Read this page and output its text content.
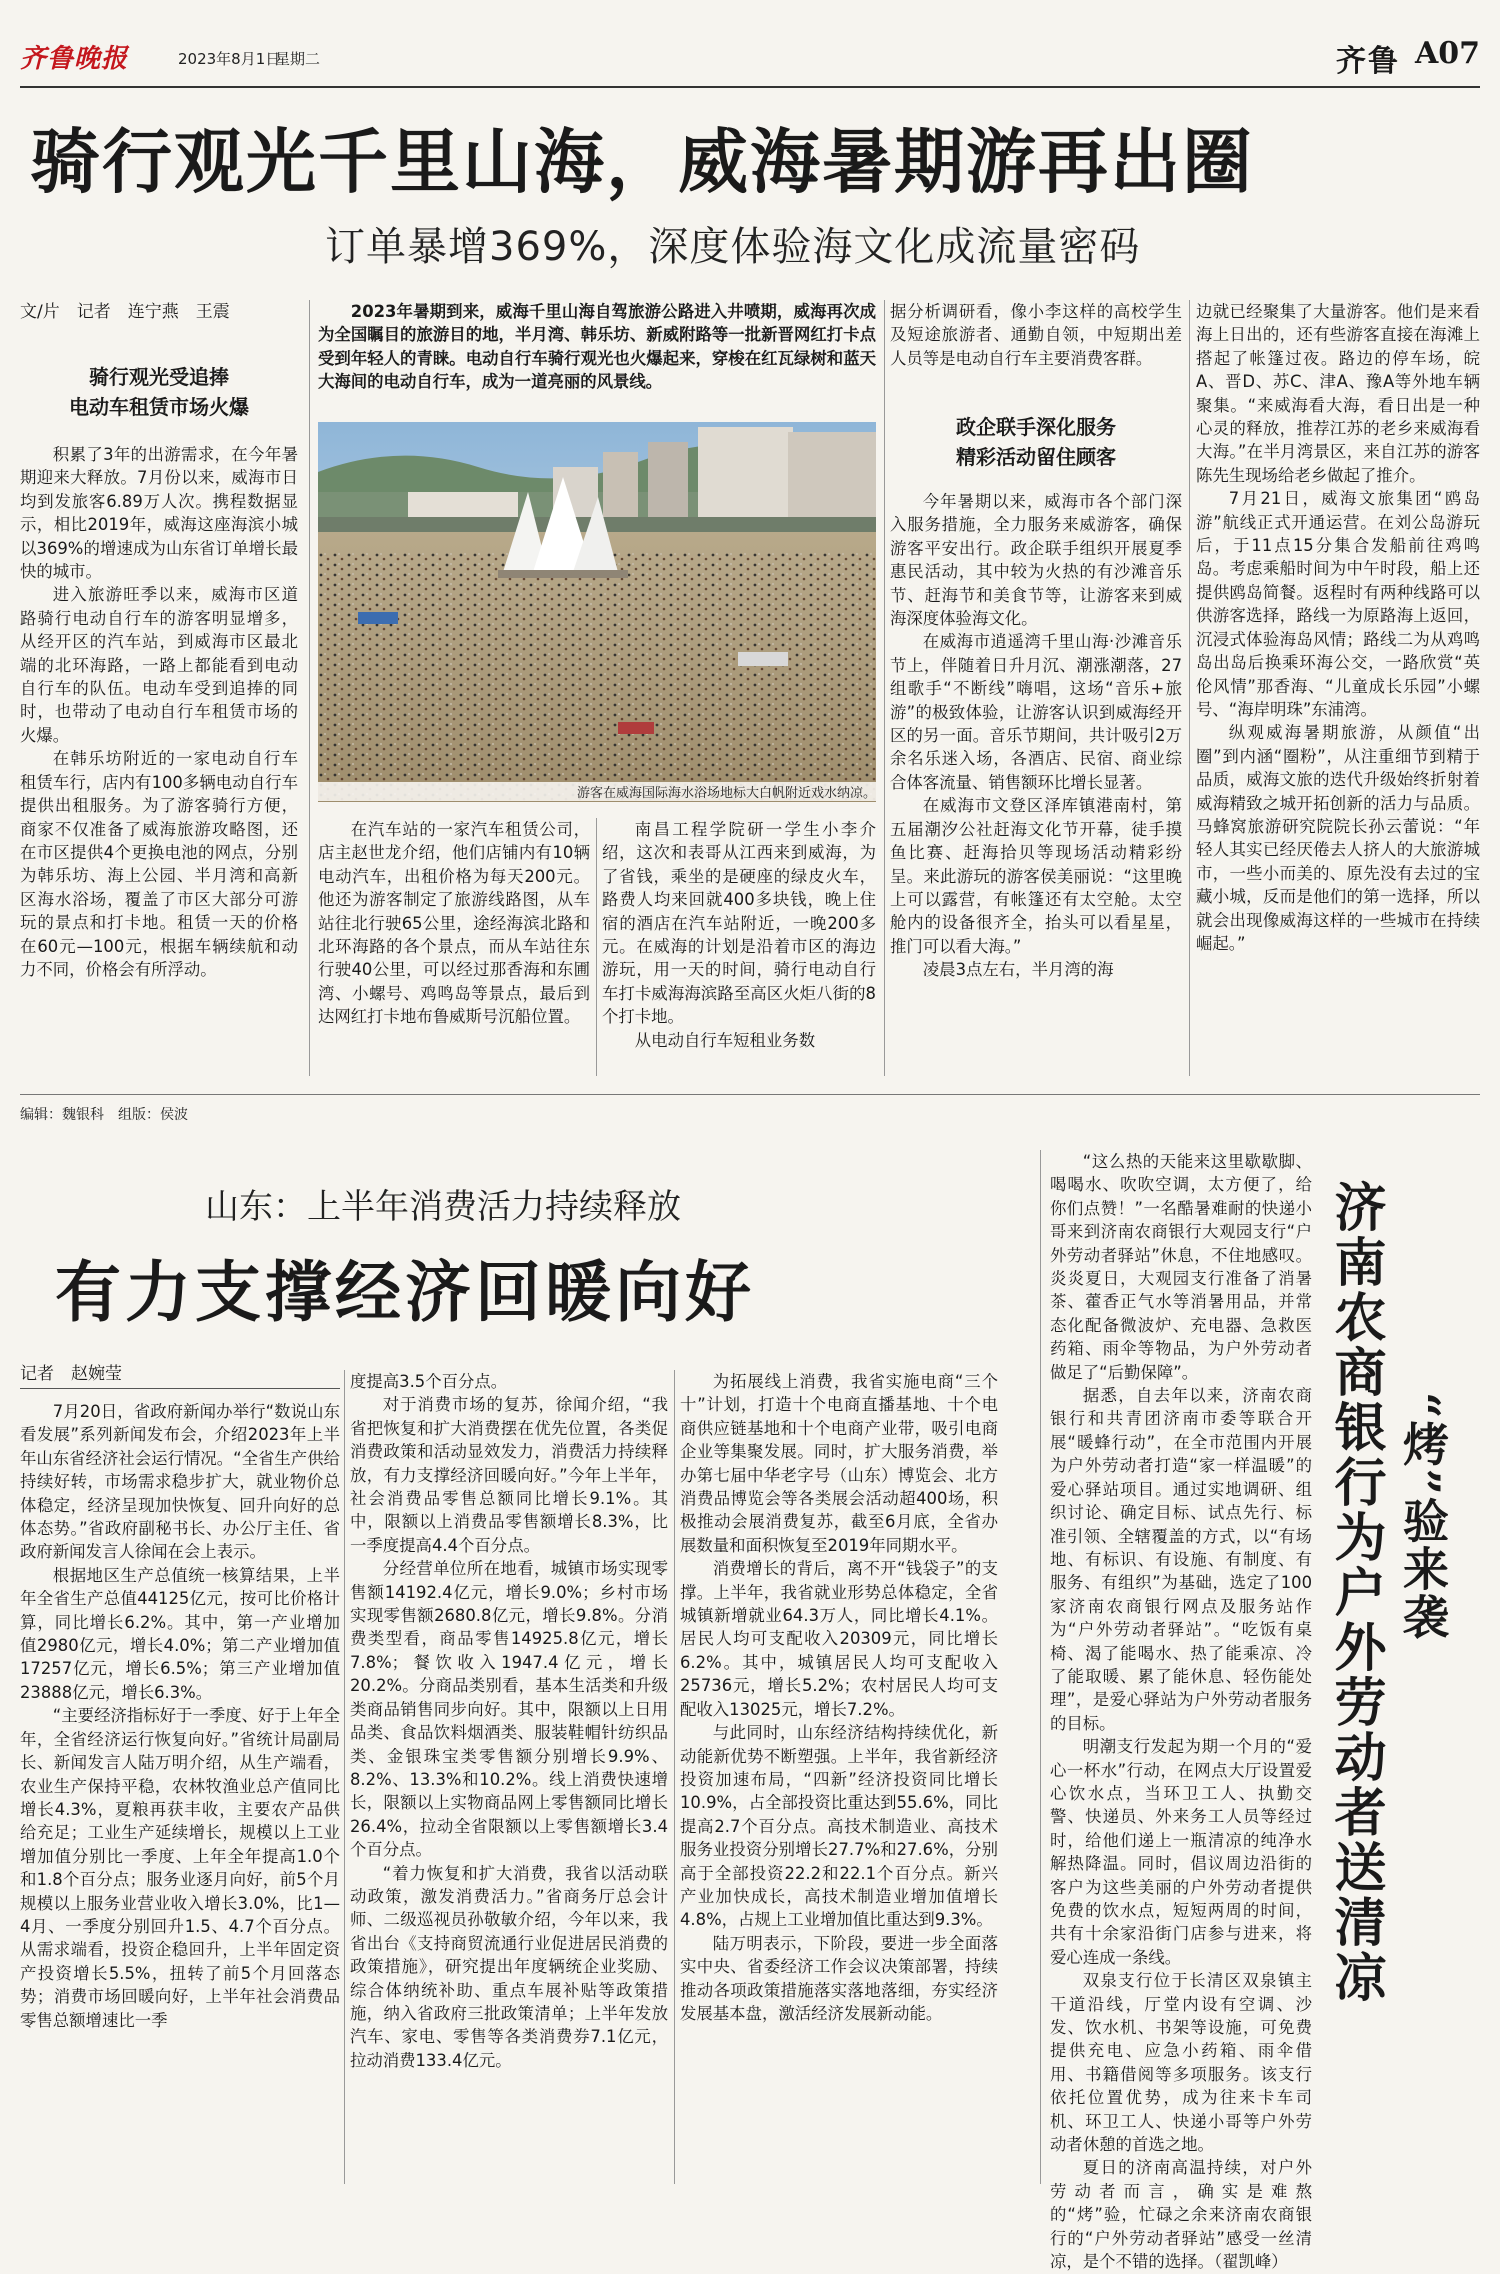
齐鲁晚报	2023年8月1日
星期二	齐鲁 A07
骑行观光千里山海，威海暑期游再出圈
订单暴增369%，深度体验海文化成流量密码
文/片　记者　连宁燕　王震
骑行观光受追捧
电动车租赁市场火爆

积累了3年的出游需求，在今年暑期迎来大释放。7月份以来，威海市日均到发旅客6.89万人次。携程数据显示，相比2019年，威海这座海滨小城以369%的增速成为山东省订单增长最快的城市。

进入旅游旺季以来，威海市区道路骑行电动自行车的游客明显增多，从经开区的汽车站，到威海市区最北端的北环海路，一路上都能看到电动自行车的队伍。电动车受到追捧的同时，也带动了电动自行车租赁市场的火爆。

在韩乐坊附近的一家电动自行车租赁车行，店内有100多辆电动自行车提供出租服务。为了游客骑行方便，商家不仅准备了威海旅游攻略图，还在市区提供4个更换电池的网点，分别为韩乐坊、海上公园、半月湾和高新区海水浴场，覆盖了市区大部分可游玩的景点和打卡地。租赁一天的价格在60元—100元，根据车辆续航和动力不同，价格会有所浮动。

2023年暑期到来，威海千里山海自驾旅游公路进入井喷期，威海再次成为全国瞩目的旅游目的地，半月湾、韩乐坊、新威附路等一批新晋网红打卡点受到年轻人的青睐。电动自行车骑行观光也火爆起来，穿梭在红瓦绿树和蓝天大海间的电动自行车，成为一道亮丽的风景线。

游客在威海国际海水浴场地标大白帆附近戏水纳凉。

在汽车站的一家汽车租赁公司，店主赵世龙介绍，他们店铺内有10辆电动汽车，出租价格为每天200元。他还为游客制定了旅游线路图，从车站往北行驶65公里，途经海滨北路和北环海路的各个景点，而从车站往东行驶40公里，可以经过那香海和东圃湾、小螺号、鸡鸣岛等景点，最后到达网红打卡地布鲁威斯号沉船位置。

南昌工程学院研一学生小李介绍，这次和表哥从江西来到威海，为了省钱，乘坐的是硬座的绿皮火车，路费人均来回就400多块钱，晚上住宿的酒店在汽车站附近，一晚200多元。在威海的计划是沿着市区的海边游玩，用一天的时间，骑行电动自行车打卡威海海滨路至高区火炬八街的8个打卡地。

从电动自行车短租业务数

据分析调研看，像小李这样的高校学生及短途旅游者、通勤自领，中短期出差人员等是电动自行车主要消费客群。

政企联手深化服务
精彩活动留住顾客

今年暑期以来，威海市各个部门深入服务措施，全力服务来威游客，确保游客平安出行。政企联手组织开展夏季惠民活动，其中较为火热的有沙滩音乐节、赶海节和美食节等，让游客来到威海深度体验海文化。

在威海市逍遥湾千里山海·沙滩音乐节上，伴随着日升月沉、潮涨潮落，27组歌手“不断线”嗨唱，这场“音乐+旅游”的极致体验，让游客认识到威海经开区的另一面。音乐节期间，共计吸引2万余名乐迷入场，各酒店、民宿、商业综合体客流量、销售额环比增长显著。

在威海市文登区泽库镇港南村，第五届潮汐公社赶海文化节开幕，徒手摸鱼比赛、赶海拾贝等现场活动精彩纷呈。来此游玩的游客侯美丽说：“这里晚上可以露营，有帐篷还有太空舱。太空舱内的设备很齐全，抬头可以看星星，推门可以看大海。”

凌晨3点左右，半月湾的海

边就已经聚集了大量游客。他们是来看海上日出的，还有些游客直接在海滩上搭起了帐篷过夜。路边的停车场，皖A、晋D、苏C、津A、豫A等外地车辆聚集。“来威海看大海，看日出是一种心灵的释放，推荐江苏的老乡来威海看大海。”在半月湾景区，来自江苏的游客陈先生现场给老乡做起了推介。

7月21日，威海文旅集团“鸥岛游”航线正式开通运营。在刘公岛游玩后，于11点15分集合发船前往鸡鸣岛。考虑乘船时间为中午时段，船上还提供鸥岛简餐。返程时有两种线路可以供游客选择，路线一为原路海上返回，沉浸式体验海岛风情；路线二为从鸡鸣岛出岛后换乘环海公交，一路欣赏“英伦风情”那香海、“儿童成长乐园”小螺号、“海岸明珠”东浦湾。

纵观威海暑期旅游，从颜值“出圈”到内涵“圈粉”，从注重细节到精于品质，威海文旅的迭代升级始终折射着威海精致之城开拓创新的活力与品质。马蜂窝旅游研究院院长孙云蕾说：“年轻人其实已经厌倦去人挤人的大旅游城市，一些小而美的、原先没有去过的宝藏小城，反而是他们的第一选择，所以就会出现像威海这样的一些城市在持续崛起。”

编辑：魏银科　组版：侯波
山东：上半年消费活力持续释放
有力支撑经济回暖向好
记者　赵婉莹

7月20日，省政府新闻办举行“数说山东看发展”系列新闻发布会，介绍2023年上半年山东省经济社会运行情况。“全省生产供给持续好转，市场需求稳步扩大，就业物价总体稳定，经济呈现加快恢复、回升向好的总体态势。”省政府副秘书长、办公厅主任、省政府新闻发言人徐闻在会上表示。

根据地区生产总值统一核算结果，上半年全省生产总值44125亿元，按可比价格计算，同比增长6.2%。其中，第一产业增加值2980亿元，增长4.0%；第二产业增加值17257亿元，增长6.5%；第三产业增加值23888亿元，增长6.3%。

“主要经济指标好于一季度、好于上年全年，全省经济运行恢复向好。”省统计局副局长、新闻发言人陆万明介绍，从生产端看，农业生产保持平稳，农林牧渔业总产值同比增长4.3%，夏粮再获丰收，主要农产品供给充足；工业生产延续增长，规模以上工业增加值分别比一季度、上年全年提高1.0个和1.8个百分点；服务业逐月向好，前5个月规模以上服务业营业收入增长3.0%，比1—4月、一季度分别回升1.5、4.7个百分点。从需求端看，投资企稳回升，上半年固定资产投资增长5.5%，扭转了前5个月回落态势；消费市场回暖向好，上半年社会消费品零售总额增速比一季

度提高3.5个百分点。

对于消费市场的复苏，徐闻介绍，“我省把恢复和扩大消费摆在优先位置，各类促消费政策和活动显效发力，消费活力持续释放，有力支撑经济回暖向好。”今年上半年，社会消费品零售总额同比增长9.1%。其中，限额以上消费品零售额增长8.3%，比一季度提高4.4个百分点。

分经营单位所在地看，城镇市场实现零售额14192.4亿元，增长9.0%；乡村市场实现零售额2680.8亿元，增长9.8%。分消费类型看，商品零售14925.8亿元，增长7.8%；餐饮收入1947.4亿元，增长20.2%。分商品类别看，基本生活类和升级类商品销售同步向好。其中，限额以上日用品类、食品饮料烟酒类、服装鞋帽针纺织品类、金银珠宝类零售额分别增长9.9%、8.2%、13.3%和10.2%。线上消费快速增长，限额以上实物商品网上零售额同比增长26.4%，拉动全省限额以上零售额增长3.4个百分点。

“着力恢复和扩大消费，我省以活动联动政策，激发消费活力。”省商务厅总会计师、二级巡视员孙敬敏介绍，今年以来，我省出台《支持商贸流通行业促进居民消费的政策措施》，研究提出年度辆统企业奖励、综合体纳统补助、重点车展补贴等政策措施，纳入省政府三批政策清单；上半年发放汽车、家电、零售等各类消费券7.1亿元，拉动消费133.4亿元。

为拓展线上消费，我省实施电商“三个十”计划，打造十个电商直播基地、十个电商供应链基地和十个电商产业带，吸引电商企业等集聚发展。同时，扩大服务消费，举办第七届中华老字号（山东）博览会、北方消费品博览会等各类展会活动超400场，积极推动会展消费复苏，截至6月底，全省办展数量和面积恢复至2019年同期水平。

消费增长的背后，离不开“钱袋子”的支撑。上半年，我省就业形势总体稳定，全省城镇新增就业64.3万人，同比增长4.1%。居民人均可支配收入20309元，同比增长6.2%。其中，城镇居民人均可支配收入25736元，增长5.2%；农村居民人均可支配收入13025元，增长7.2%。

与此同时，山东经济结构持续优化，新动能新优势不断塑强。上半年，我省新经济投资加速布局，“四新”经济投资同比增长10.9%，占全部投资比重达到55.6%，同比提高2.7个百分点。高技术制造业、高技术服务业投资分别增长27.7%和27.6%，分别高于全部投资22.2和22.1个百分点。新兴产业加快成长，高技术制造业增加值增长4.8%，占规上工业增加值比重达到9.3%。

陆万明表示，下阶段，要进一步全面落实中央、省委经济工作会议决策部署，持续推动各项政策措施落实落地落细，夯实经济发展基本盘，激活经济发展新动能。

“这么热的天能来这里歇歇脚、喝喝水、吹吹空调，太方便了，给你们点赞！”一名酷暑难耐的快递小哥来到济南农商银行大观园支行“户外劳动者驿站”休息，不住地感叹。炎炎夏日，大观园支行准备了消暑茶、藿香正气水等消暑用品，并常态化配备微波炉、充电器、急救医药箱、雨伞等物品，为户外劳动者做足了“后勤保障”。

据悉，自去年以来，济南农商银行和共青团济南市委等联合开展“暖蜂行动”，在全市范围内开展为户外劳动者打造“家一样温暖”的爱心驿站项目。通过实地调研、组织讨论、确定目标、试点先行、标准引领、全辖覆盖的方式，以“有场地、有标识、有设施、有制度、有服务、有组织”为基础，选定了100家济南农商银行网点及服务站作为“户外劳动者驿站”。“吃饭有桌椅、渴了能喝水、热了能乘凉、冷了能取暖、累了能休息、轻伤能处理”，是爱心驿站为户外劳动者服务的目标。

明潮支行发起为期一个月的“爱心一杯水”行动，在网点大厅设置爱心饮水点，当环卫工人、执勤交警、快递员、外来务工人员等经过时，给他们递上一瓶清凉的纯净水解热降温。同时，倡议周边沿街的客户为这些美丽的户外劳动者提供免费的饮水点，短短两周的时间，共有十余家沿街门店参与进来，将爱心连成一条线。

双泉支行位于长清区双泉镇主干道沿线，厅堂内设有空调、沙发、饮水机、书架等设施，可免费提供充电、应急小药箱、雨伞借用、书籍借阅等多项服务。该支行依托位置优势，成为往来卡车司机、环卫工人、快递小哥等户外劳动者休憩的首选之地。

夏日的济南高温持续，对户外劳动者而言，确实是难熬的“烤”验，忙碌之余来济南农商银行的“户外劳动者驿站”感受一丝清凉，是个不错的选择。（翟凯峰）

济南农商银行为户外劳动者送清凉 “烤”验来袭
